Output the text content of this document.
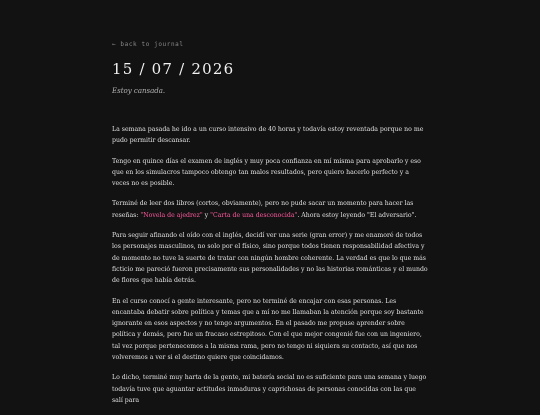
← back to journal
15 / 07 / 2026
Estoy cansada.

La semana pasada he ido a un curso intensivo de 40 horas y todavía estoy reventada porque no me pudo permitir descansar.

Tengo en quince días el examen de inglés y muy poca confianza en mí misma para aprobarlo y eso que en los simulacros tampoco obtengo tan malos resultados, pero quiero hacerlo perfecto y a veces no es posible.

Terminé de leer dos libros (cortos, obviamente), pero no pude sacar un momento para hacer las reseñas: "Novela de ajedrez" y "Carta de una desconocida". Ahora estoy leyendo "El adversario".

Para seguir afinando el oído con el inglés, decidí ver una serie (gran error) y me enamoré de todos los personajes masculinos, no solo por el físico, sino porque todos tienen responsabilidad afectiva y de momento no tuve la suerte de tratar con ningún hombre coherente. La verdad es que lo que más ficticio me pareció fueron precisamente sus personalidades y no las historias románticas y el mundo de flores que había detrás.

En el curso conocí a gente interesante, pero no terminé de encajar con esas personas. Les encantaba debatir sobre política y temas que a mí no me llamaban la atención porque soy bastante ignorante en esos aspectos y no tengo argumentos. En el pasado me propuse aprender sobre política y demás, pero fue un fracaso estrepitoso. Con el que mejor congenié fue con un ingeniero, tal vez porque pertenecemos a la misma rama, pero no tengo ni siquiera su contacto, así que nos volveremos a ver si el destino quiere que coincidamos.

Lo dicho, terminé muy harta de la gente, mi batería social no es suficiente para una semana y luego todavía tuve que aguantar actitudes inmaduras y caprichosas de personas conocidas con las que salí para
